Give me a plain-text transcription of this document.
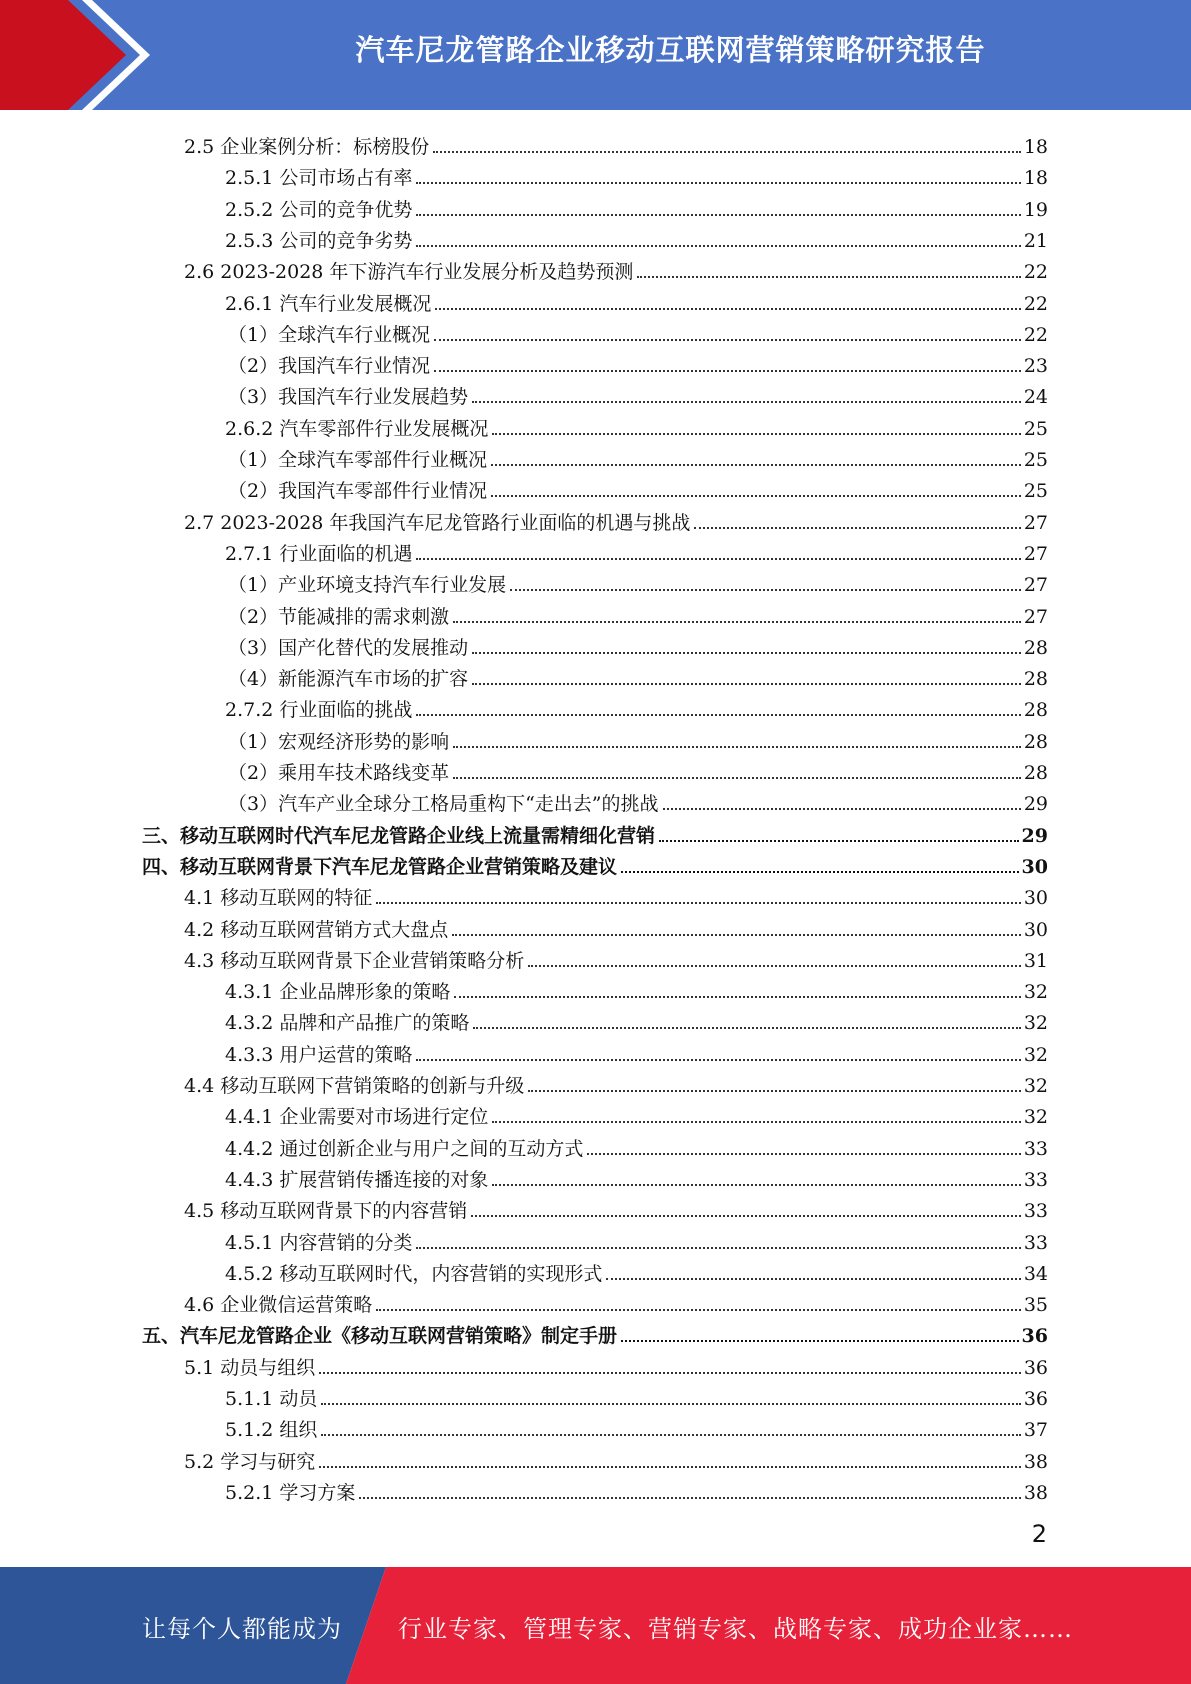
汽车尼龙管路企业移动互联网营销策略研究报告
2.5 企业案例分析：标榜股份	18
2.5.1 公司市场占有率	18
2.5.2 公司的竞争优势	19
2.5.3 公司的竞争劣势	21
2.6 2023-2028 年下游汽车行业发展分析及趋势预测	22
2.6.1 汽车行业发展概况	22
（1）全球汽车行业概况	22
（2）我国汽车行业情况	23
（3）我国汽车行业发展趋势	24
2.6.2 汽车零部件行业发展概况	25
（1）全球汽车零部件行业概况	25
（2）我国汽车零部件行业情况	25
2.7 2023-2028 年我国汽车尼龙管路行业面临的机遇与挑战	27
2.7.1 行业面临的机遇	27
（1）产业环境支持汽车行业发展	27
（2）节能减排的需求刺激	27
（3）国产化替代的发展推动	28
（4）新能源汽车市场的扩容	28
2.7.2 行业面临的挑战	28
（1）宏观经济形势的影响	28
（2）乘用车技术路线变革	28
（3）汽车产业全球分工格局重构下“走出去”的挑战	29
三、移动互联网时代汽车尼龙管路企业线上流量需精细化营销	29
四、移动互联网背景下汽车尼龙管路企业营销策略及建议	30
4.1 移动互联网的特征	30
4.2 移动互联网营销方式大盘点	30
4.3 移动互联网背景下企业营销策略分析	31
4.3.1 企业品牌形象的策略	32
4.3.2 品牌和产品推广的策略	32
4.3.3 用户运营的策略	32
4.4 移动互联网下营销策略的创新与升级	32
4.4.1 企业需要对市场进行定位	32
4.4.2 通过创新企业与用户之间的互动方式	33
4.4.3 扩展营销传播连接的对象	33
4.5 移动互联网背景下的内容营销	33
4.5.1 内容营销的分类	33
4.5.2 移动互联网时代，内容营销的实现形式	34
4.6 企业微信运营策略	35
五、汽车尼龙管路企业《移动互联网营销策略》制定手册	36
5.1 动员与组织	36
5.1.1 动员	36
5.1.2 组织	37
5.2 学习与研究	38
5.2.1 学习方案	38
2
让每个人都能成为 行业专家、管理专家、营销专家、战略专家、成功企业家……
